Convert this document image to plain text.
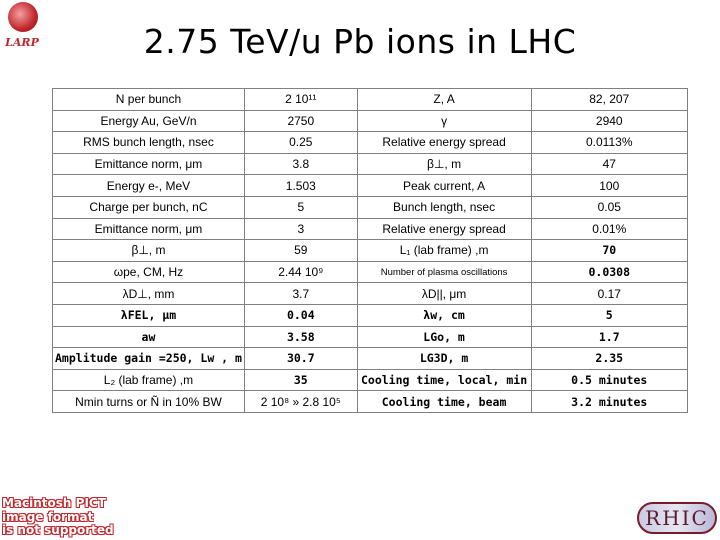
LARP	2.75 TeV/u Pb ions in LHC
N per bunch	2 10¹¹	Z, A	82, 207
Energy Au, GeV/n	2750	γ	2940
RMS bunch length, nsec	0.25	Relative energy spread	0.0113%
Emittance norm, μm	3.8	β⊥, m	47
Energy e-, MeV	1.503	Peak current, A	100
Charge per bunch, nC	5	Bunch length, nsec	0.05
Emittance norm, μm	3	Relative energy spread	0.01%
β⊥, m	59	L₁ (lab frame) ,m	70
ωpe, CM, Hz	2.44 10⁹	Number of plasma oscillations	0.0308
λD⊥, mm	3.7	λD||, μm	0.17
λFEL, μm	0.04	λw, cm	5
aw	3.58	LGo, m	1.7
Amplitude gain =250, Lw , m	30.7	LG3D, m	2.35
L₂ (lab frame) ,m	35	Cooling time, local, min	0.5 minutes
Nmin turns or Ñ in 10% BW	2 10⁸ » 2.8 10⁵	Cooling time, beam	3.2 minutes
Macintosh PICT
image format
is not supported	RHIC
